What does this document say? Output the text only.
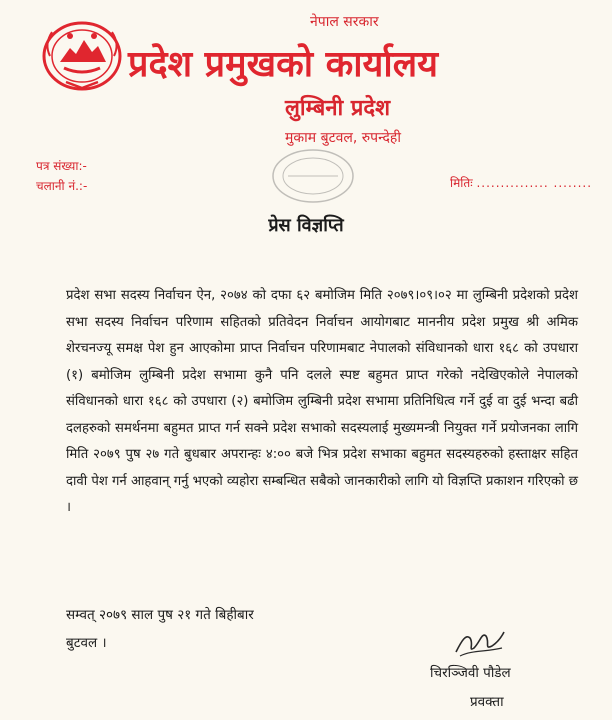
नेपाल सरकार
प्रदेश प्रमुखको कार्यालय
लुम्बिनी प्रदेश
मुकाम बुटवल, रुपन्देही
पत्र संख्या:-
चलानी नं.:-	मितिः ............... ........
प्रेस विज्ञप्ति
प्रदेश सभा सदस्य निर्वाचन ऐन, २०७४ को दफा ६२ बमोजिम मिति २०७९।०९।०२ मा लुम्बिनी प्रदेशको प्रदेश सभा सदस्य निर्वाचन परिणाम सहितको प्रतिवेदन निर्वाचन आयोगबाट माननीय प्रदेश प्रमुख श्री अमिक शेरचनज्यू समक्ष पेश हुन आएकोमा प्राप्त निर्वाचन परिणामबाट नेपालको संविधानको धारा १६८ को उपधारा (१) बमोजिम लुम्बिनी प्रदेश सभामा कुनै पनि दलले स्पष्ट बहुमत प्राप्त गरेको नदेखिएकोले नेपालको संविधानको धारा १६८ को उपधारा (२) बमोजिम लुम्बिनी प्रदेश सभामा प्रतिनिधित्व गर्ने दुई वा दुई भन्दा बढी दलहरुको समर्थनमा बहुमत प्राप्त गर्न सक्ने प्रदेश सभाको सदस्यलाई मुख्यमन्त्री नियुक्त गर्ने प्रयोजनका लागि मिति २०७९ पुष २७ गते बुधबार अपरान्हः ४:०० बजे भित्र प्रदेश सभाका बहुमत सदस्यहरुको हस्ताक्षर सहित दावी पेश गर्न आहवान् गर्नु भएको व्यहोरा सम्बन्धित सबैको जानकारीको लागि यो विज्ञप्ति प्रकाशन गरिएको छ ।
सम्वत् २०७९ साल पुष २१ गते बिहीबार
बुटवल ।
चिरञ्जिवी पौडेल
प्रवक्ता
